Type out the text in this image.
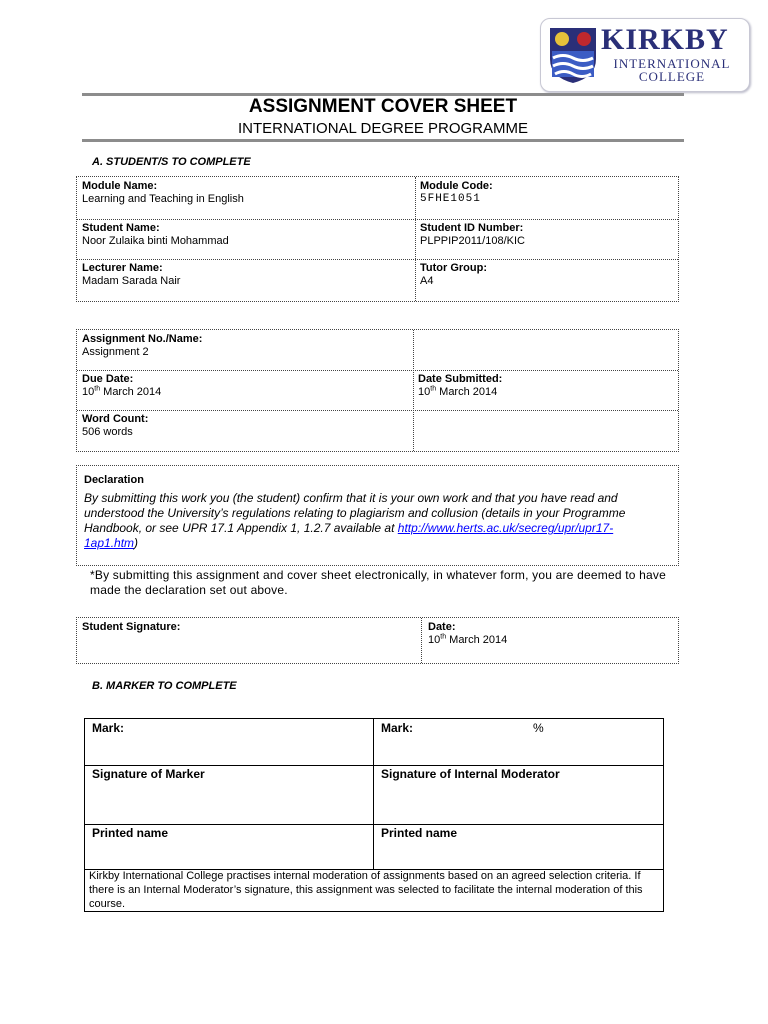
KIRKBY
INTERNATIONAL
COLLEGE
ASSIGNMENT COVER SHEET
INTERNATIONAL DEGREE PROGRAMME
A. STUDENT/S TO COMPLETE
Module Name:
Learning and Teaching in English
Module Code:
5FHE1051
Student Name:
Noor Zulaika binti Mohammad
Student ID Number:
PLPPIP2011/108/KIC
Lecturer Name:
Madam Sarada Nair
Tutor Group:
A4
Assignment No./Name:
Assignment 2
Due Date:
10th March 2014
Date Submitted:
10th March 2014
Word Count:
506 words
Declaration
By submitting this work you (the student) confirm that it is your own work and that you have read and understood the University’s regulations relating to plagiarism and collusion (details in your Programme Handbook, or see UPR 17.1 Appendix 1, 1.2.7 available at http://www.herts.ac.uk/secreg/upr/upr17-1ap1.htm)
*By submitting this assignment and cover sheet electronically, in whatever form, you are deemed to have made the declaration set out above.
Student Signature:	Date:
10th March 2014
B. MARKER TO COMPLETE
Mark:	Mark:	%
Signature of Marker	Signature of Internal Moderator
Printed name	Printed name
Kirkby International College practises internal moderation of assignments based on an agreed selection criteria. If there is an Internal Moderator’s signature, this assignment was selected to facilitate the internal moderation of this course.
